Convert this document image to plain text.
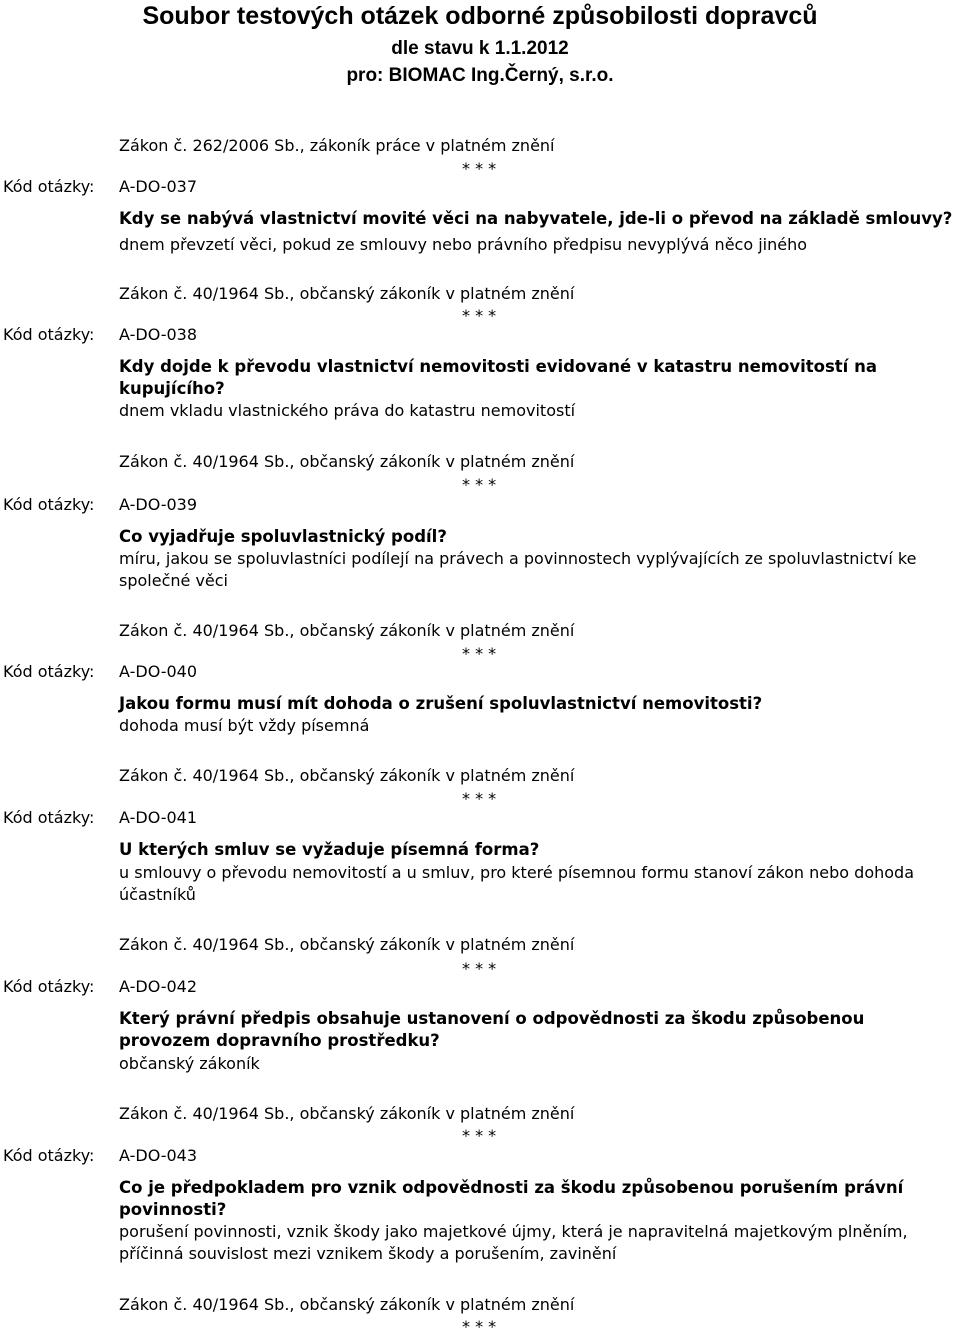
Soubor testových otázek odborné způsobilosti dopravců
dle stavu k 1.1.2012
pro: BIOMAC Ing.Černý, s.r.o.
Zákon č. 262/2006 Sb., zákoník práce v platném znění
* * *
Kód otázky: A-DO-037
Kdy se nabývá vlastnictví movité věci na nabyvatele, jde-li o převod na základě smlouvy?
dnem převzetí věci, pokud ze smlouvy nebo právního předpisu nevyplývá něco jiného
Zákon č. 40/1964 Sb., občanský zákoník v platném znění
* * *
Kód otázky: A-DO-038
Kdy dojde k převodu vlastnictví nemovitosti evidované v katastru nemovitostí na
kupujícího?
dnem vkladu vlastnického práva do katastru nemovitostí
Zákon č. 40/1964 Sb., občanský zákoník v platném znění
* * *
Kód otázky: A-DO-039
Co vyjadřuje spoluvlastnický podíl?
míru, jakou se spoluvlastníci podílejí na právech a povinnostech vyplývajících ze spoluvlastnictví ke
společné věci
Zákon č. 40/1964 Sb., občanský zákoník v platném znění
* * *
Kód otázky: A-DO-040
Jakou formu musí mít dohoda o zrušení spoluvlastnictví nemovitosti?
dohoda musí být vždy písemná
Zákon č. 40/1964 Sb., občanský zákoník v platném znění
* * *
Kód otázky: A-DO-041
U kterých smluv se vyžaduje písemná forma?
u smlouvy o převodu nemovitostí a u smluv, pro které písemnou formu stanoví zákon nebo dohoda
účastníků
Zákon č. 40/1964 Sb., občanský zákoník v platném znění
* * *
Kód otázky: A-DO-042
Který právní předpis obsahuje ustanovení o odpovědnosti za škodu způsobenou
provozem dopravního prostředku?
občanský zákoník
Zákon č. 40/1964 Sb., občanský zákoník v platném znění
* * *
Kód otázky: A-DO-043
Co je předpokladem pro vznik odpovědnosti za škodu způsobenou porušením právní
povinnosti?
porušení povinnosti, vznik škody jako majetkové újmy, která je napravitelná majetkovým plněním,
příčinná souvislost mezi vznikem škody a porušením, zavinění
Zákon č. 40/1964 Sb., občanský zákoník v platném znění
* * *
